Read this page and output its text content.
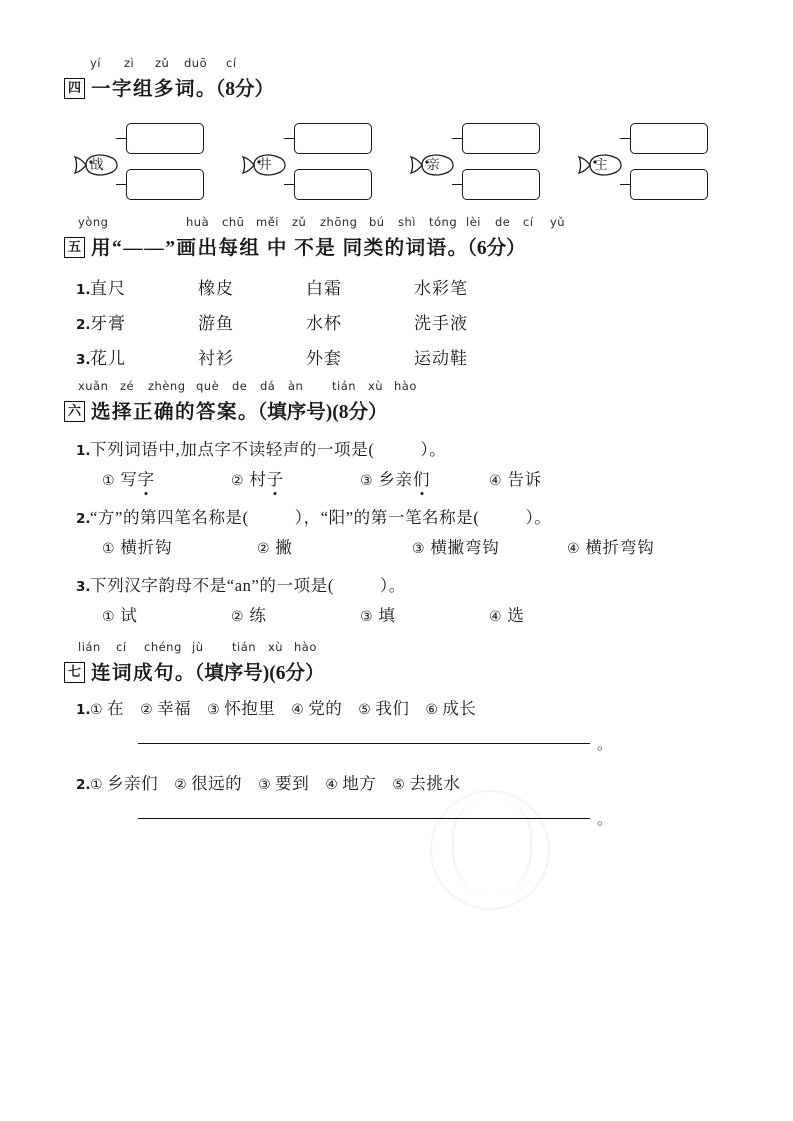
yí zì zǔ duō cí
四 一字组多词。（8分）
战	井	亲	主
yòng	huà chū měi zǔ zhōng bú shì tóng lèi de cí yǔ
五 用“——”画出每组 中 不是 同类的词语。（6分）
1. 直尺	橡皮	白霜	水彩笔
2. 牙膏	游鱼	水杯	洗手液
3. 花儿	衬衫	外套	运动鞋
xuǎn zé zhèng què de dá àn tián xù hào
六 选择正确的答案。（填序号)(8分）
1. 下列词语中,加点字不读轻声的一项是(	）。
① 写字	② 村子	③ 乡亲们	④ 告诉
2. “方”的第四笔名称是(	），“阳”的第一笔名称是(	）。
① 横折钩	② 撇	③ 横撇弯钩	④ 横折弯钩
3. 下列汉字韵母不是“an”的一项是(	）。
① 试	② 练	③ 填	④ 选
lián cí chéng jù tián xù hào
七 连词成句。（填序号)(6分）
1. ① 在 ② 幸福 ③ 怀抱里 ④ 党的 ⑤ 我们 ⑥ 成长
。
2. ① 乡亲们 ② 很远的 ③ 要到 ④ 地方 ⑤ 去挑水
。
